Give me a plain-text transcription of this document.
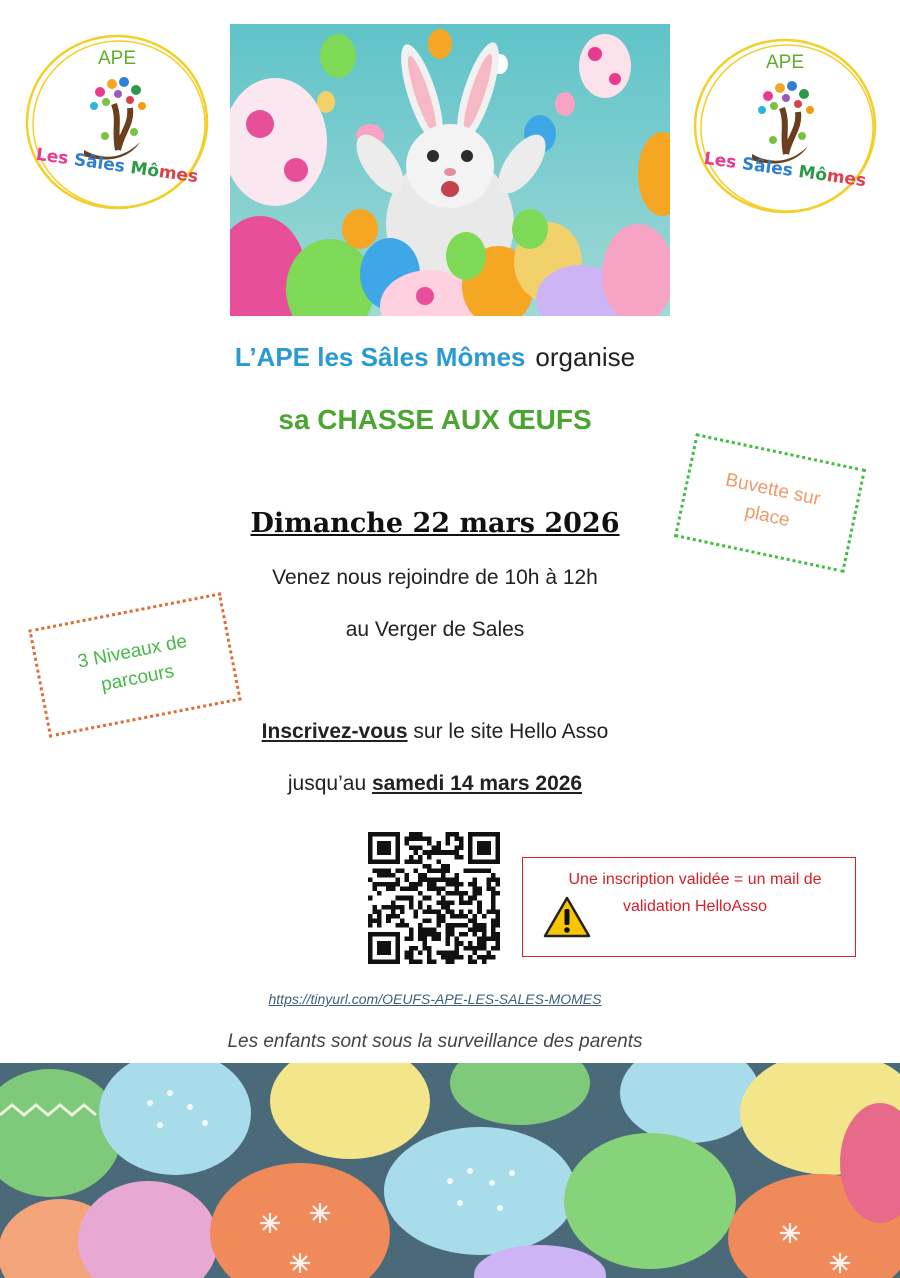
APE
Les Sâles Mômes
APE
Les Sâles Mômes
L’APE les Sâles Mômes organise
sa CHASSE AUX ŒUFS
Dimanche 22 mars 2026
Venez nous rejoindre de 10h à 12h
au Verger de Sales
Inscrivez-vous sur le site Hello Asso
jusqu’au samedi 14 mars 2026
Buvette sur place
3 Niveaux de parcours
Une inscription validée = un mail de validation HelloAsso
https://tinyurl.com/OEUFS-APE-LES-SALES-MOMES
Les enfants sont sous la surveillance des parents
